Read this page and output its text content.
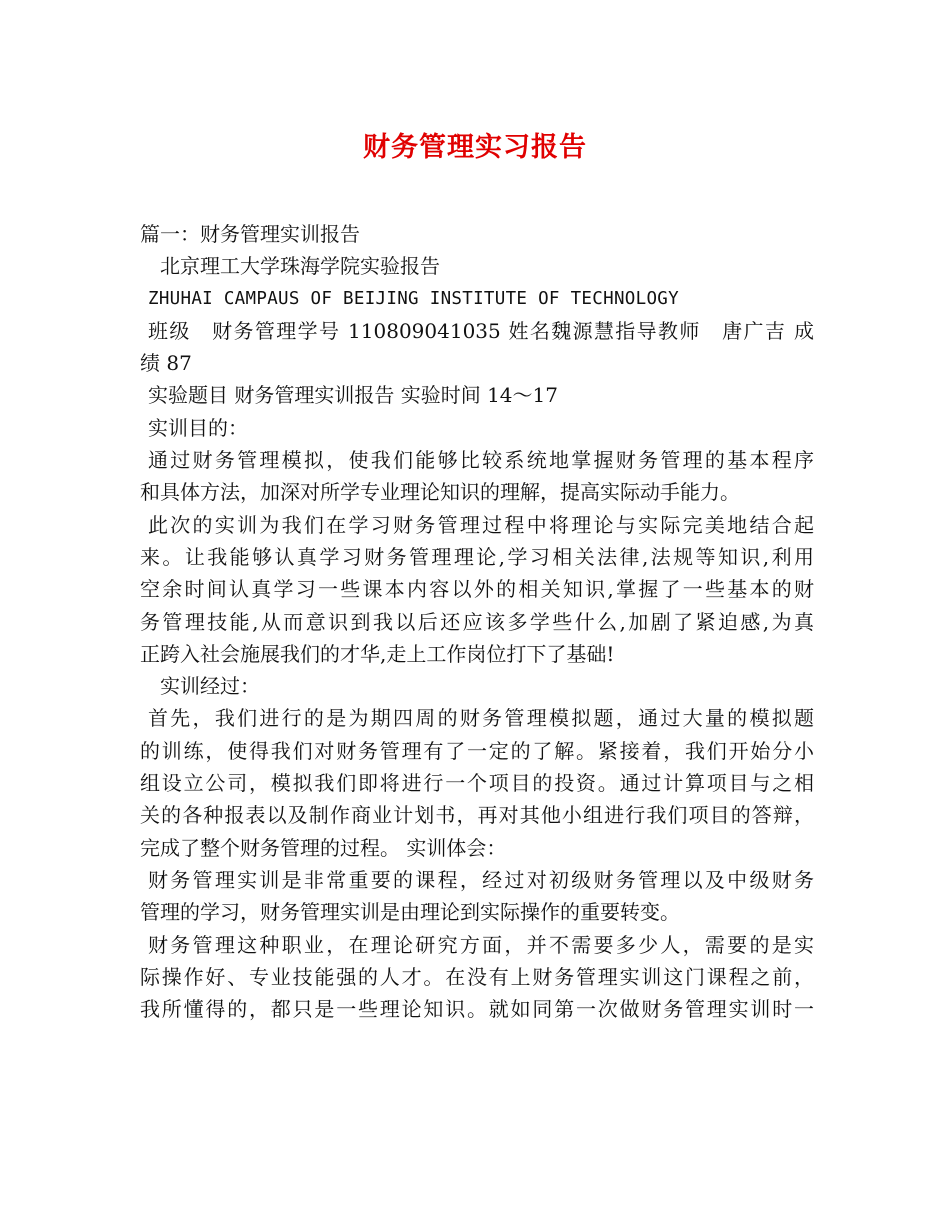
财务管理实习报告
篇一：财务管理实训报告
北京理工大学珠海学院实验报告
ZHUHAI CAMPAUS OF BEIJING INSTITUTE OF TECHNOLOGY
班级　财务管理学号 110809041035 姓名魏源慧指导教师　唐广吉 成
绩 87
实验题目 财务管理实训报告 实验时间 14～17
实训目的：
通过财务管理模拟，使我们能够比较系统地掌握财务管理的基本程序
和具体方法，加深对所学专业理论知识的理解，提高实际动手能力。
此次的实训为我们在学习财务管理过程中将理论与实际完美地结合起
来。让我能够认真学习财务管理理论,学习相关法律,法规等知识,利用
空余时间认真学习一些课本内容以外的相关知识,掌握了一些基本的财
务管理技能,从而意识到我以后还应该多学些什么,加剧了紧迫感,为真
正跨入社会施展我们的才华,走上工作岗位打下了基础!
实训经过：
首先，我们进行的是为期四周的财务管理模拟题，通过大量的模拟题
的训练，使得我们对财务管理有了一定的了解。紧接着，我们开始分小
组设立公司，模拟我们即将进行一个项目的投资。通过计算项目与之相
关的各种报表以及制作商业计划书，再对其他小组进行我们项目的答辩，
完成了整个财务管理的过程。 实训体会：
财务管理实训是非常重要的课程，经过对初级财务管理以及中级财务
管理的学习，财务管理实训是由理论到实际操作的重要转变。
财务管理这种职业，在理论研究方面，并不需要多少人，需要的是实
际操作好、专业技能强的人才。在没有上财务管理实训这门课程之前，
我所懂得的，都只是一些理论知识。就如同第一次做财务管理实训时一
